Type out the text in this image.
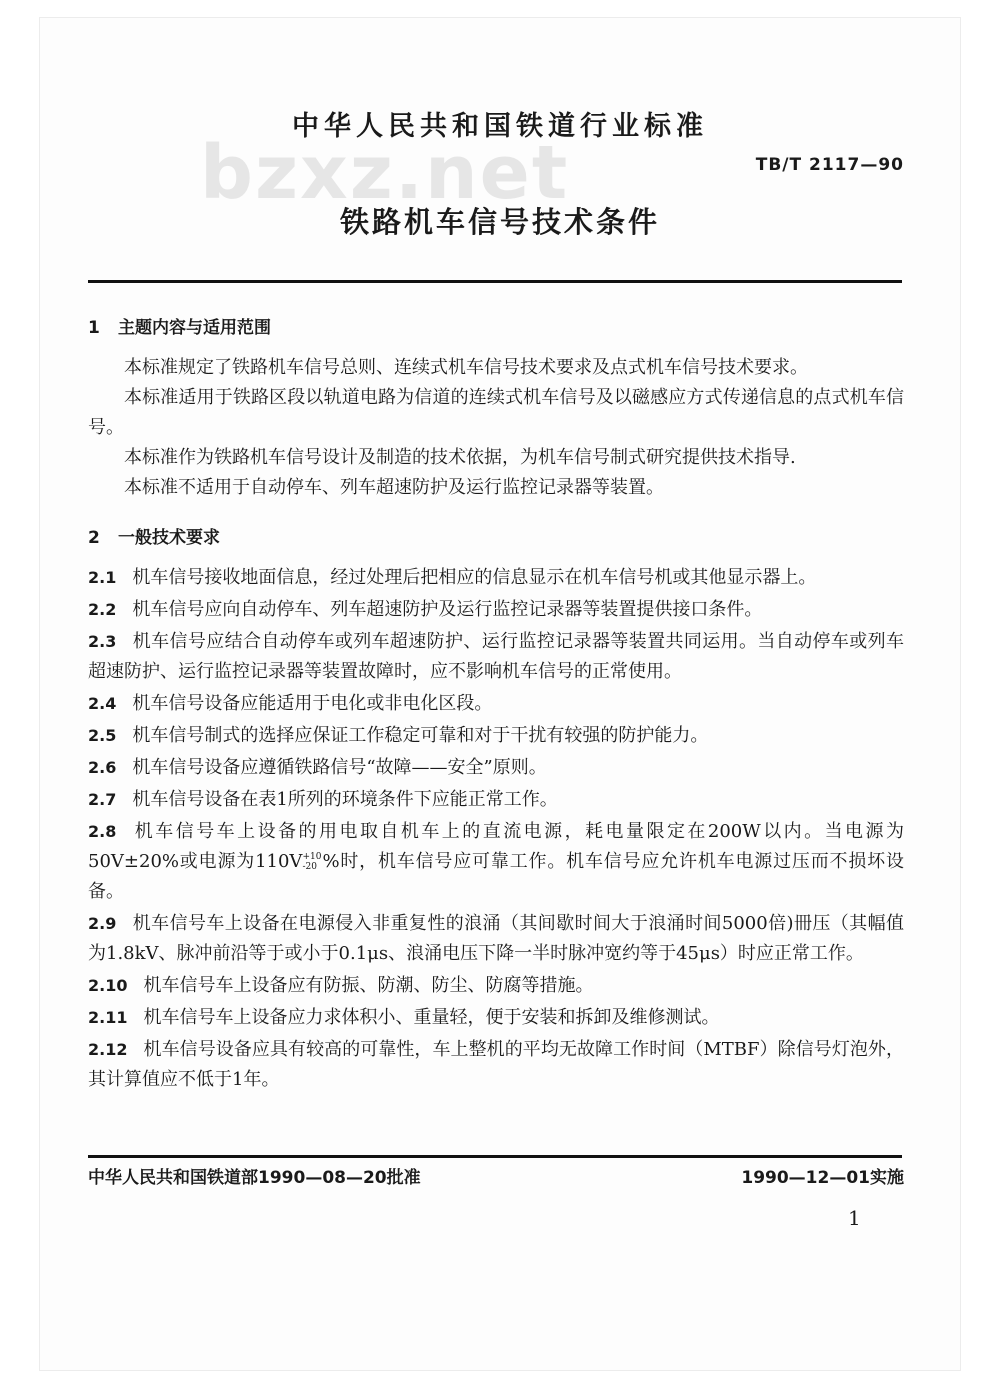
bzxz.net
中华人民共和国铁道行业标准
TB/T 2117—90
铁路机车信号技术条件
1 主题内容与适用范围

本标准规定了铁路机车信号总则、连续式机车信号技术要求及点式机车信号技术要求。

本标准适用于铁路区段以轨道电路为信道的连续式机车信号及以磁感应方式传递信息的点式机车信号。

本标准作为铁路机车信号设计及制造的技术依据，为机车信号制式研究提供技术指导.

本标准不适用于自动停车、列车超速防护及运行监控记录器等装置。

2 一般技术要求

2.1 机车信号接收地面信息，经过处理后把相应的信息显示在机车信号机或其他显示器上。

2.2 机车信号应向自动停车、列车超速防护及运行监控记录器等装置提供接口条件。

2.3 机车信号应结合自动停车或列车超速防护、运行监控记录器等装置共同运用。当自动停车或列车超速防护、运行监控记录器等装置故障时，应不影响机车信号的正常使用。

2.4 机车信号设备应能适用于电化或非电化区段。

2.5 机车信号制式的选择应保证工作稳定可靠和对于干扰有较强的防护能力。

2.6 机车信号设备应遵循铁路信号“故障——安全”原则。

2.7 机车信号设备在表1所列的环境条件下应能正常工作。

2.8 机车信号车上设备的用电取自机车上的直流电源，耗电量限定在200W以内。当电源为50V±20%或电源为110V +10
-20 %时，机车信号应可靠工作。机车信号应允许机车电源过压而不损坏设备。

2.9 机车信号车上设备在电源侵入非重复性的浪涌（其间歇时间大于浪涌时间5000倍)冊压（其幅值为1.8kV、脉冲前沿等于或小于0.1μs、浪涌电压下降一半时脉冲宽约等于45μs）时应正常工作。

2.10 机车信号车上设备应有防振、防潮、防尘、防腐等措施。

2.11 机车信号车上设备应力求体积小、重量轻，便于安装和拆卸及维修测试。

2.12 机车信号设备应具有较高的可靠性，车上整机的平均无故障工作时间（MTBF）除信号灯泡外，其计算值应不低于1年。

中华人民共和国铁道部1990—08—20批准	1990—12—01实施
1
